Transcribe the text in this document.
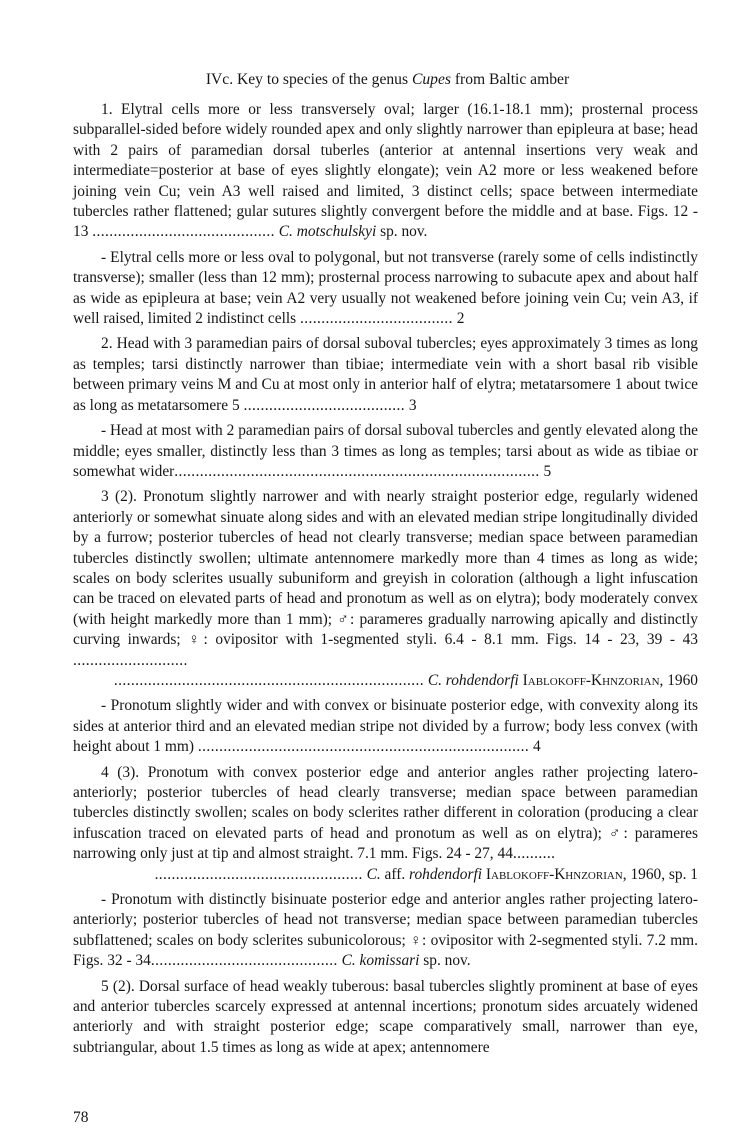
IVc. Key to species of the genus Cupes from Baltic amber

1. Elytral cells more or less transversely oval; larger (16.1-18.1 mm); prosternal process subparallel-sided before widely rounded apex and only slightly narrower than epipleura at base; head with 2 pairs of paramedian dorsal tuberles (anterior at antennal insertions very weak and intermediate=posterior at base of eyes slightly elongate); vein A2 more or less weakened before joining vein Cu; vein A3 well raised and limited, 3 distinct cells; space between intermediate tubercles rather flattened; gular sutures slightly convergent before the middle and at base. Figs. 12 - 13 ........................................... C. motschulskyi sp. nov.

- Elytral cells more or less oval to polygonal, but not transverse (rarely some of cells indistinctly transverse); smaller (less than 12 mm); prosternal process narrowing to subacute apex and about half as wide as epipleura at base; vein A2 very usually not weakened before joining vein Cu; vein A3, if well raised, limited 2 indistinct cells .................................... 2

2. Head with 3 paramedian pairs of dorsal suboval tubercles; eyes approximately 3 times as long as temples; tarsi distinctly narrower than tibiae; intermediate vein with a short basal rib visible between primary veins M and Cu at most only in anterior half of elytra; metatarsomere 1 about twice as long as metatarsomere 5 ...................................... 3

- Head at most with 2 paramedian pairs of dorsal suboval tubercles and gently elevated along the middle; eyes smaller, distinctly less than 3 times as long as temples; tarsi about as wide as tibiae or somewhat wider...................................................................................... 5

3 (2). Pronotum slightly narrower and with nearly straight posterior edge, regularly widened anteriorly or somewhat sinuate along sides and with an elevated median stripe longitudinally divided by a furrow; posterior tubercles of head not clearly transverse; median space between paramedian tubercles distinctly swollen; ultimate antennomere markedly more than 4 times as long as wide; scales on body sclerites usually subuniform and greyish in coloration (although a light infuscation can be traced on elevated parts of head and pronotum as well as on elytra); body moderately convex (with height markedly more than 1 mm); ♂: parameres gradually narrowing apically and distinctly curving inwards; ♀: ovipositor with 1-segmented styli. 6.4 - 8.1 mm. Figs. 14 - 23, 39 - 43 ...........................
......................................................................... C. rohdendorfi Iablokoff-Khnzorian, 1960

- Pronotum slightly wider and with convex or bisinuate posterior edge, with convexity along its sides at anterior third and an elevated median stripe not divided by a furrow; body less convex (with height about 1 mm) .............................................................................. 4

4 (3). Pronotum with convex posterior edge and anterior angles rather projecting latero-anteriorly; posterior tubercles of head clearly transverse; median space between paramedian tubercles distinctly swollen; scales on body sclerites rather different in coloration (producing a clear infuscation traced on elevated parts of head and pronotum as well as on elytra); ♂: parameres narrowing only just at tip and almost straight. 7.1 mm. Figs. 24 - 27, 44..........
................................................. C. aff. rohdendorfi Iablokoff-Khnzorian, 1960, sp. 1

- Pronotum with distinctly bisinuate posterior edge and anterior angles rather projecting latero-anteriorly; posterior tubercles of head not transverse; median space between paramedian tubercles subflattened; scales on body sclerites subunicolorous; ♀: ovipositor with 2-segmented styli. 7.2 mm. Figs. 32 - 34............................................ C. komissari sp. nov.

5 (2). Dorsal surface of head weakly tuberous: basal tubercles slightly prominent at base of eyes and anterior tubercles scarcely expressed at antennal incertions; pronotum sides arcuately widened anteriorly and with straight posterior edge; scape comparatively small, narrower than eye, subtriangular, about 1.5 times as long as wide at apex; antennomere

78
